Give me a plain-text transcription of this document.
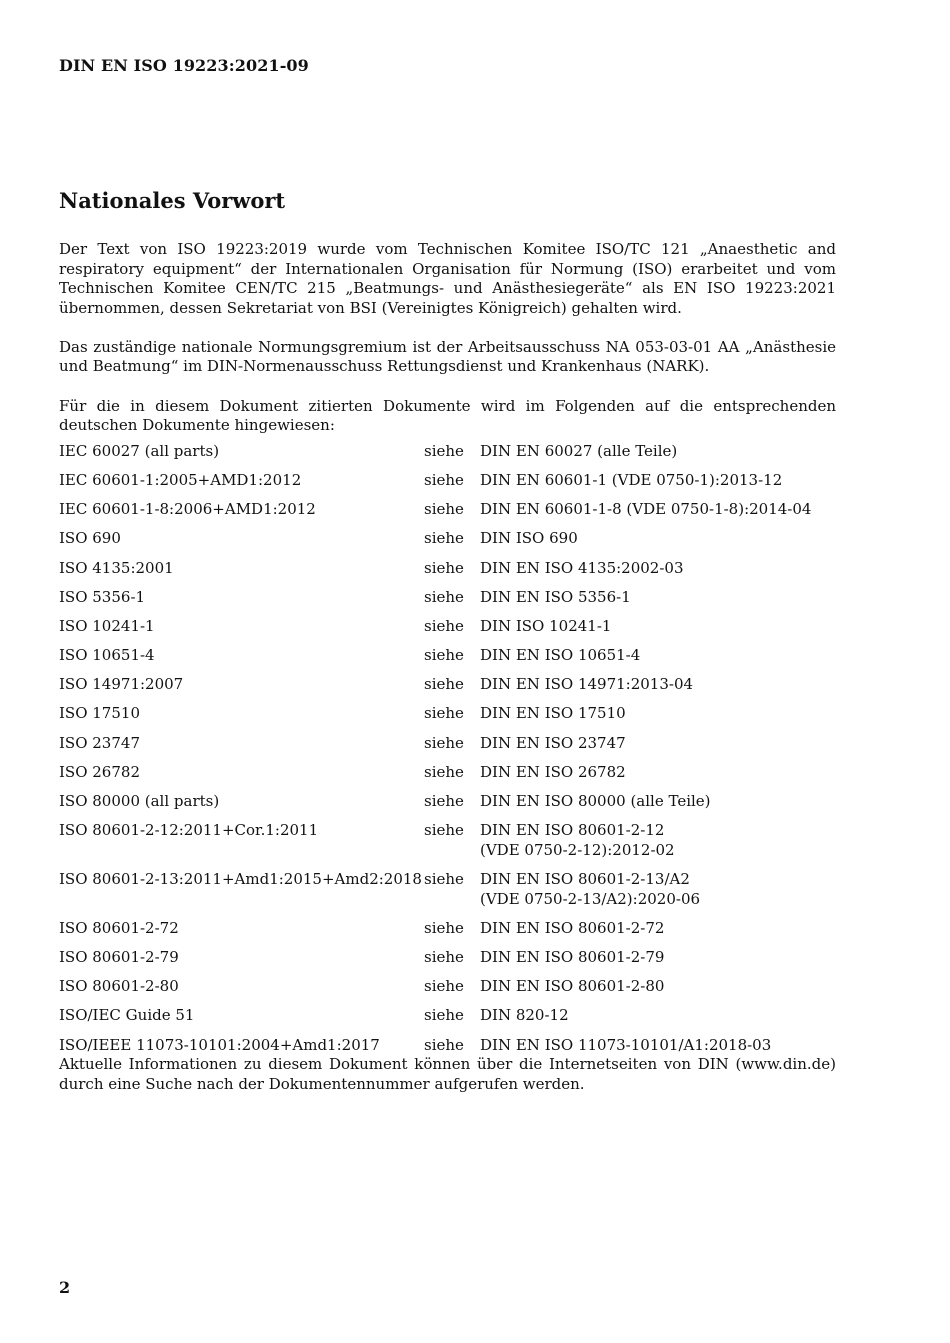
DIN EN ISO 19223:2021-09
Nationales Vorwort

Der Text von ISO 19223:2019 wurde vom Technischen Komitee ISO/TC 121 „Anaesthetic and respiratory equipment“ der Internationalen Organisation für Normung (ISO) erarbeitet und vom Technischen Komitee CEN/TC 215 „Beatmungs- und Anästhesiegeräte“ als EN ISO 19223:2021 übernommen, dessen Sekretariat von BSI (Vereinigtes Königreich) gehalten wird.

Das zuständige nationale Normungsgremium ist der Arbeitsausschuss NA 053-03-01 AA „Anästhesie und Beatmung“ im DIN-Normenausschuss Rettungsdienst und Krankenhaus (NARK).

Für die in diesem Dokument zitierten Dokumente wird im Folgenden auf die entsprechenden deutschen Dokumente hingewiesen:

IEC 60027 (all parts)	siehe	DIN EN 60027 (alle Teile)

IEC 60601-1:2005+AMD1:2012	siehe	DIN EN 60601-1 (VDE 0750-1):2013-12

IEC 60601-1-8:2006+AMD1:2012	siehe	DIN EN 60601-1-8 (VDE 0750-1-8):2014-04

ISO 690	siehe	DIN ISO 690

ISO 4135:2001	siehe	DIN EN ISO 4135:2002-03

ISO 5356-1	siehe	DIN EN ISO 5356-1

ISO 10241-1	siehe	DIN ISO 10241-1

ISO 10651-4	siehe	DIN EN ISO 10651-4

ISO 14971:2007	siehe	DIN EN ISO 14971:2013-04

ISO 17510	siehe	DIN EN ISO 17510

ISO 23747	siehe	DIN EN ISO 23747

ISO 26782	siehe	DIN EN ISO 26782

ISO 80000 (all parts)	siehe	DIN EN ISO 80000 (alle Teile)

ISO 80601-2-12:2011+Cor.1:2011	siehe	DIN EN ISO 80601-2-12
(VDE 0750-2-12):2012-02

ISO 80601-2-13:2011+Amd1:2015+Amd2:2018	siehe	DIN EN ISO 80601-2-13/A2
(VDE 0750-2-13/A2):2020-06

ISO 80601-2-72	siehe	DIN EN ISO 80601-2-72

ISO 80601-2-79	siehe	DIN EN ISO 80601-2-79

ISO 80601-2-80	siehe	DIN EN ISO 80601-2-80

ISO/IEC Guide 51	siehe	DIN 820-12

ISO/IEEE 11073-10101:2004+Amd1:2017	siehe	DIN EN ISO 11073-10101/A1:2018-03

Aktuelle Informationen zu diesem Dokument können über die Internetseiten von DIN (www.din.de) durch eine Suche nach der Dokumentennummer aufgerufen werden.

2
